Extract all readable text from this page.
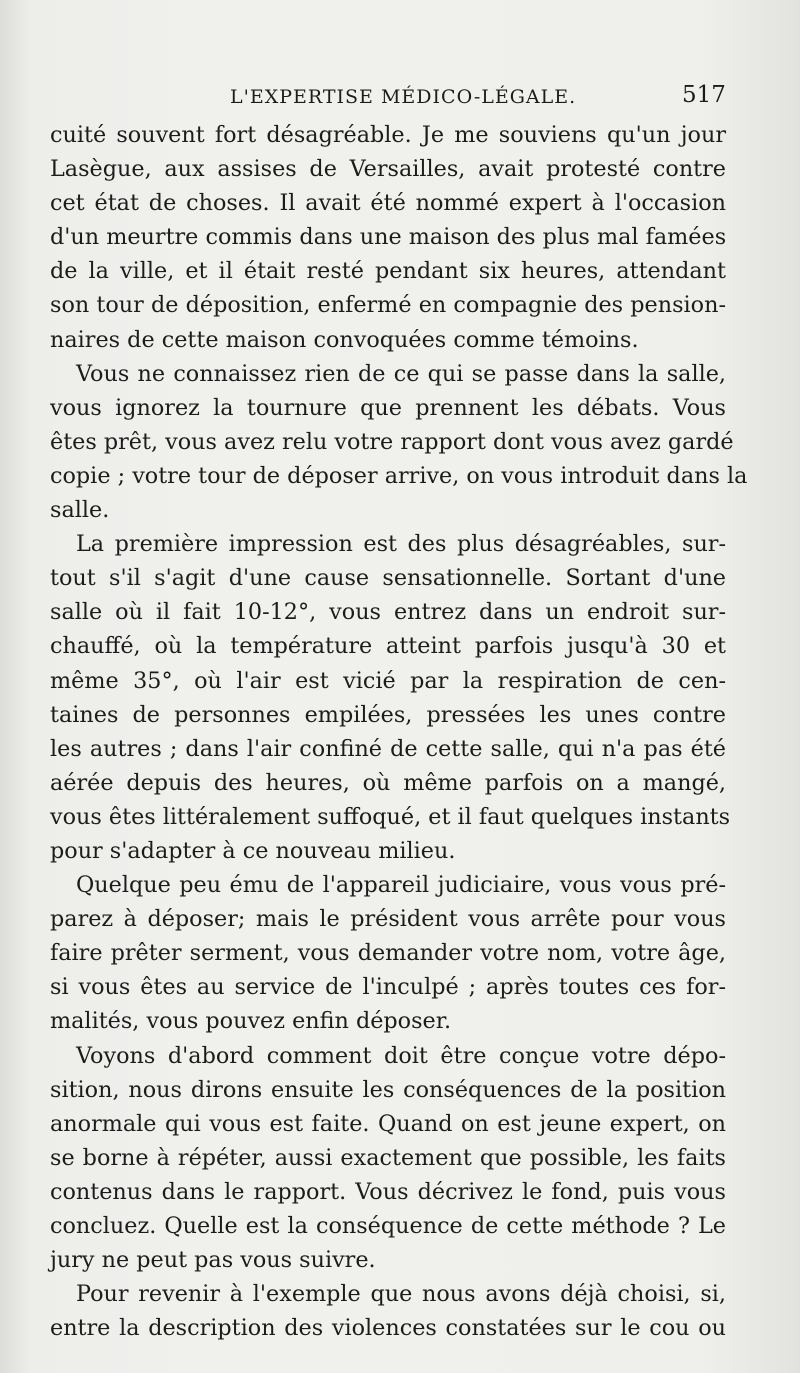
L'EXPERTISE MÉDICO-LÉGALE.	517
cuité souvent fort désagréable. Je me souviens qu'un jour
Lasègue, aux assises de Versailles, avait protesté contre
cet état de choses. Il avait été nommé expert à l'occasion
d'un meurtre commis dans une maison des plus mal famées
de la ville, et il était resté pendant six heures, attendant
son tour de déposition, enfermé en compagnie des pension-
naires de cette maison convoquées comme témoins.
Vous ne connaissez rien de ce qui se passe dans la salle,
vous ignorez la tournure que prennent les débats. Vous
êtes prêt, vous avez relu votre rapport dont vous avez gardé
copie ; votre tour de déposer arrive, on vous introduit dans la
salle.
La première impression est des plus désagréables, sur-
tout s'il s'agit d'une cause sensationnelle. Sortant d'une
salle où il fait 10-12°, vous entrez dans un endroit sur-
chauffé, où la température atteint parfois jusqu'à 30 et
même 35°, où l'air est vicié par la respiration de cen-
taines de personnes empilées, pressées les unes contre
les autres ; dans l'air confiné de cette salle, qui n'a pas été
aérée depuis des heures, où même parfois on a mangé,
vous êtes littéralement suffoqué, et il faut quelques instants
pour s'adapter à ce nouveau milieu.
Quelque peu ému de l'appareil judiciaire, vous vous pré-
parez à déposer; mais le président vous arrête pour vous
faire prêter serment, vous demander votre nom, votre âge,
si vous êtes au service de l'inculpé ; après toutes ces for-
malités, vous pouvez enfin déposer.
Voyons d'abord comment doit être conçue votre dépo-
sition, nous dirons ensuite les conséquences de la position
anormale qui vous est faite. Quand on est jeune expert, on
se borne à répéter, aussi exactement que possible, les faits
contenus dans le rapport. Vous décrivez le fond, puis vous
concluez. Quelle est la conséquence de cette méthode ? Le
jury ne peut pas vous suivre.
Pour revenir à l'exemple que nous avons déjà choisi, si,
entre la description des violences constatées sur le cou ou
